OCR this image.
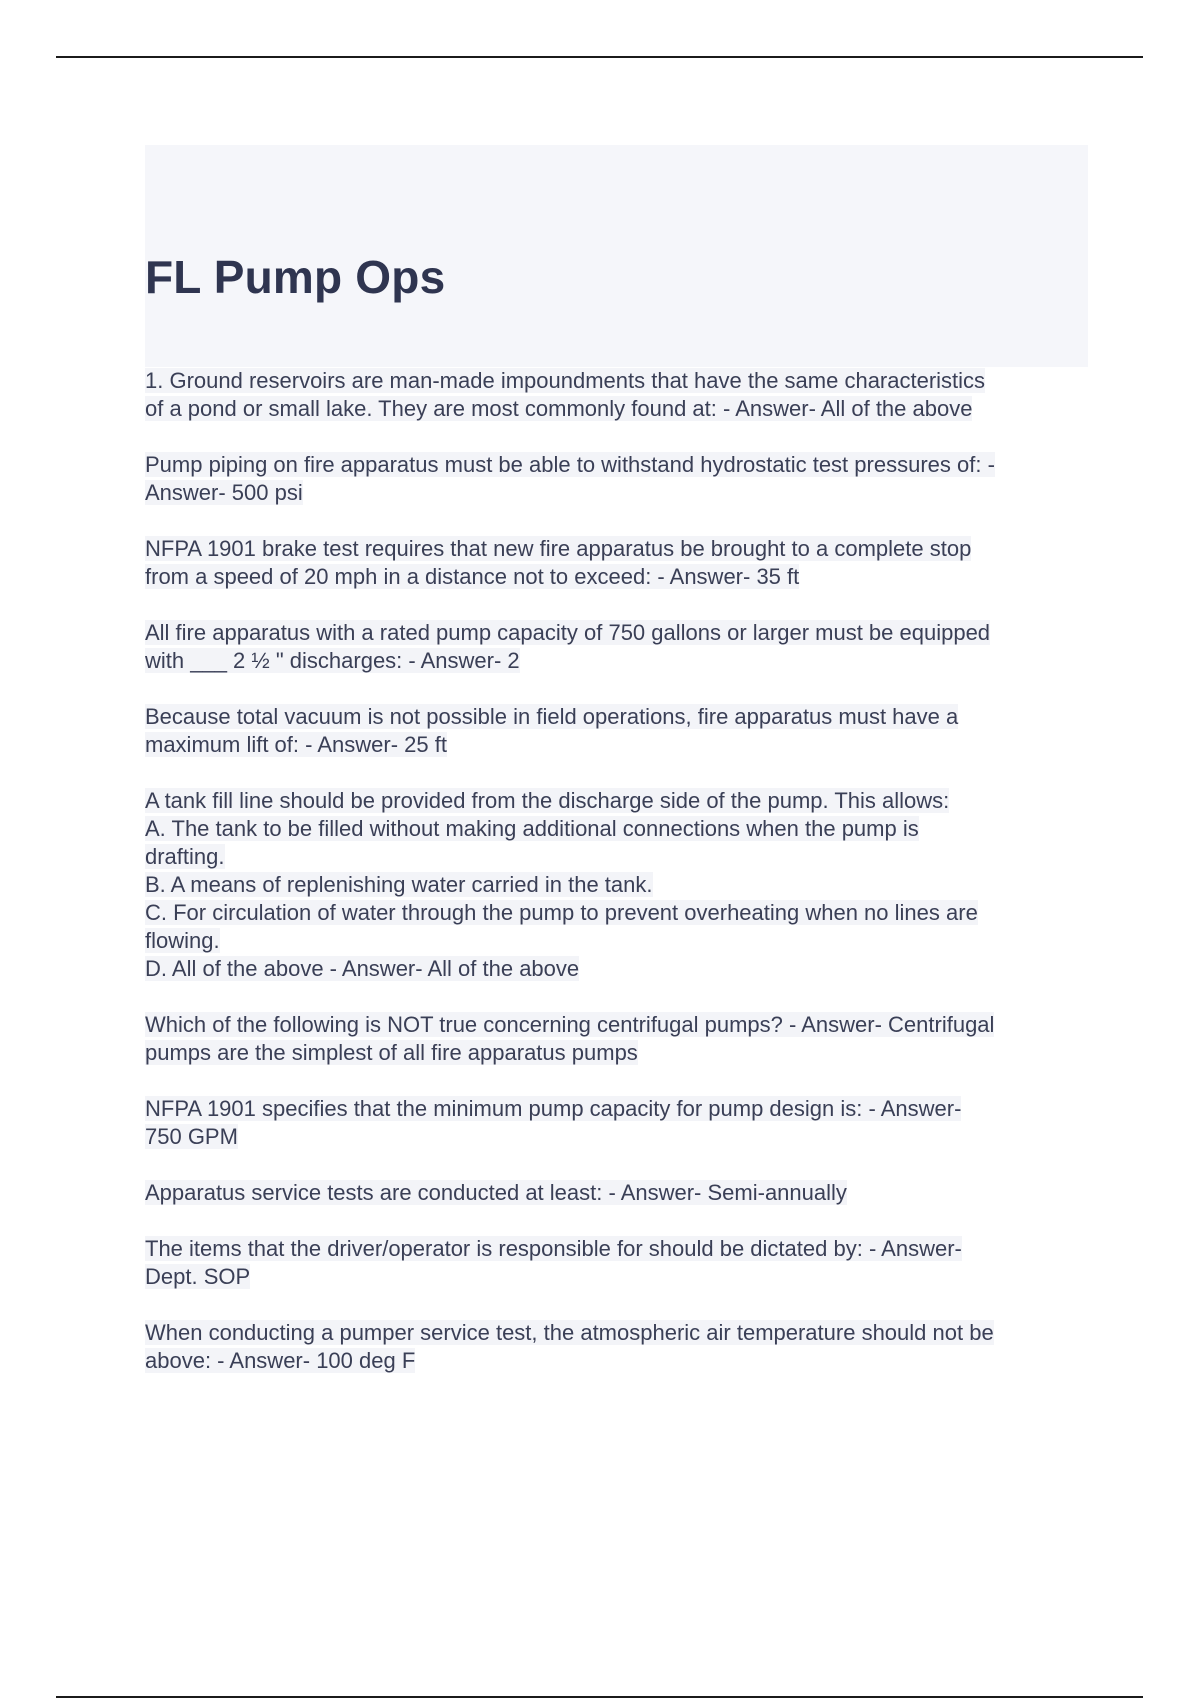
FL Pump Ops
1. Ground reservoirs are man-made impoundments that have the same characteristics
of a pond or small lake. They are most commonly found at: - Answer- All of the above
Pump piping on fire apparatus must be able to withstand hydrostatic test pressures of: -
Answer- 500 psi
NFPA 1901 brake test requires that new fire apparatus be brought to a complete stop
from a speed of 20 mph in a distance not to exceed: - Answer- 35 ft
All fire apparatus with a rated pump capacity of 750 gallons or larger must be equipped
with ___ 2 ½ " discharges: - Answer- 2
Because total vacuum is not possible in field operations, fire apparatus must have a
maximum lift of: - Answer- 25 ft
A tank fill line should be provided from the discharge side of the pump. This allows:
A. The tank to be filled without making additional connections when the pump is
drafting.
B. A means of replenishing water carried in the tank.
C. For circulation of water through the pump to prevent overheating when no lines are
flowing.
D. All of the above - Answer- All of the above
Which of the following is NOT true concerning centrifugal pumps? - Answer- Centrifugal
pumps are the simplest of all fire apparatus pumps
NFPA 1901 specifies that the minimum pump capacity for pump design is: - Answer-
750 GPM
Apparatus service tests are conducted at least: - Answer- Semi-annually
The items that the driver/operator is responsible for should be dictated by: - Answer-
Dept. SOP
When conducting a pumper service test, the atmospheric air temperature should not be
above: - Answer- 100 deg F
